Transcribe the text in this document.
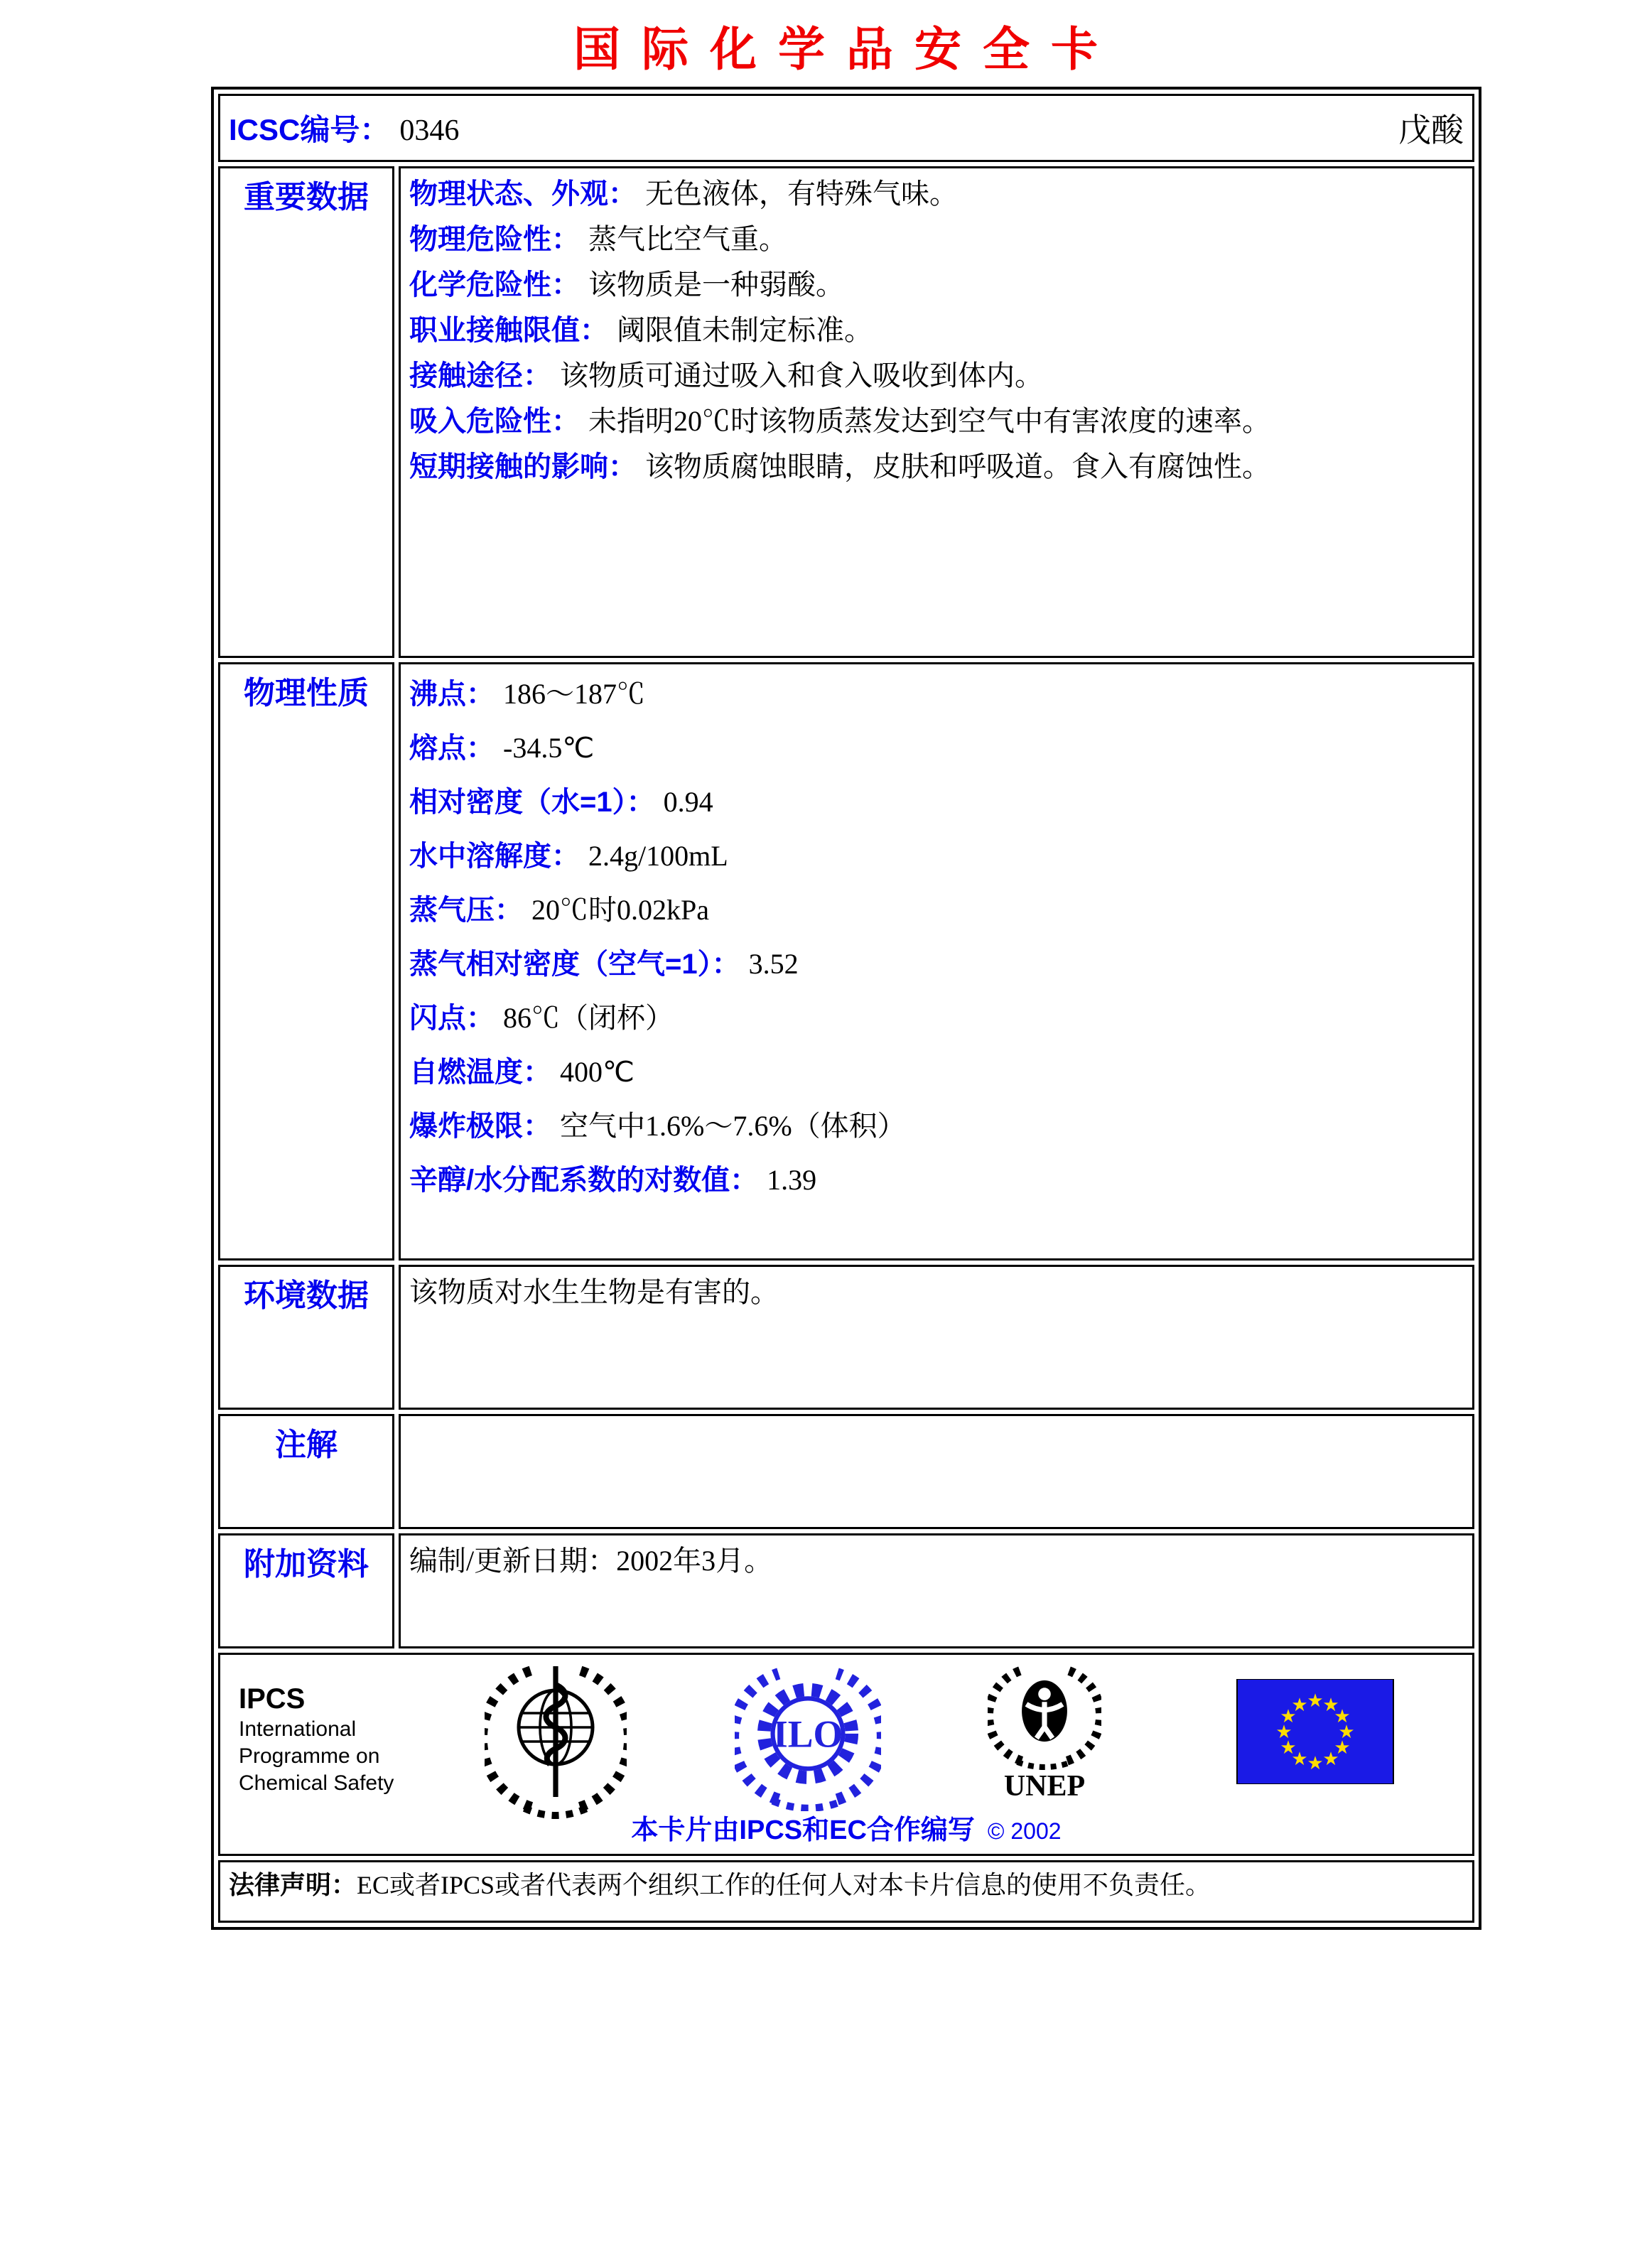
国际化学品安全卡
ICSC编号： 0346 戊酸	

重要数据	物理状态、外观： 无色液体，有特殊气味。
物理危险性： 蒸气比空气重。
化学危险性： 该物质是一种弱酸。
职业接触限值： 阈限值未制定标准。
接触途径： 该物质可通过吸入和食入吸收到体内。
吸入危险性： 未指明20℃时该物质蒸发达到空气中有害浓度的速率。
短期接触的影响： 该物质腐蚀眼睛，皮肤和呼吸道。食入有腐蚀性。

物理性质	沸点： 186～187℃
熔点： -34.5℃
相对密度（水=1）： 0.94
水中溶解度： 2.4g/100mL
蒸气压： 20℃时0.02kPa
蒸气相对密度（空气=1）： 3.52
闪点： 86℃（闭杯）
自燃温度： 400℃
爆炸极限： 空气中1.6%～7.6%（体积）
辛醇/水分配系数的对数值： 1.39

环境数据	该物质对水生生物是有害的。
注解	
附加资料	编制/更新日期：2002年3月。

IPCS
International
Programme on
Chemical Safety
ILO
UNEP
★
★
★
★
★
★
★
★
★
★
★
★
本卡片由IPCS和EC合作编写 © 2002

法律声明：EC或者IPCS或者代表两个组织工作的任何人对本卡片信息的使用不负责任。	
